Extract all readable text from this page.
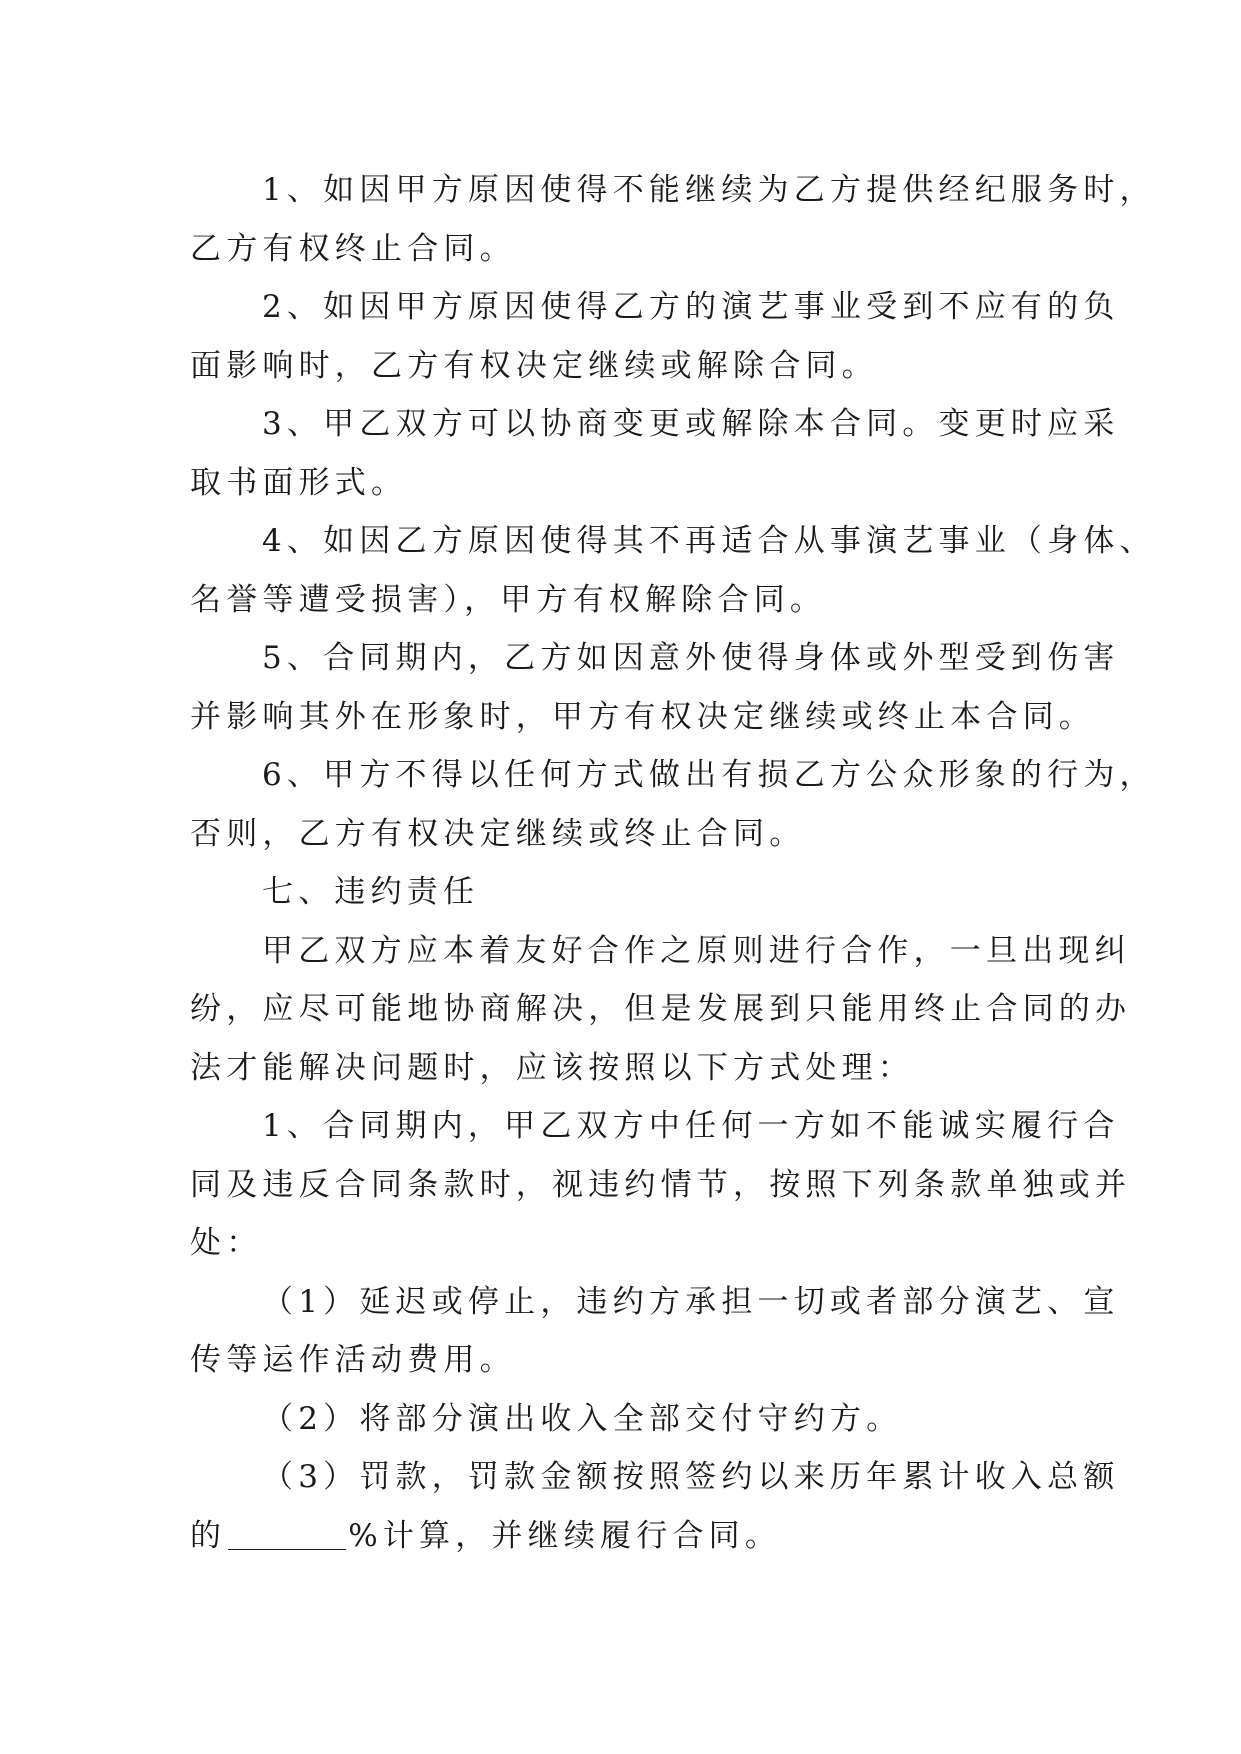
1、如因甲方原因使得不能继续为乙方提供经纪服务时，
乙方有权终止合同。
2、如因甲方原因使得乙方的演艺事业受到不应有的负
面影响时，乙方有权决定继续或解除合同。
3、甲乙双方可以协商变更或解除本合同。变更时应采
取书面形式。
4、如因乙方原因使得其不再适合从事演艺事业（身体、
名誉等遭受损害），甲方有权解除合同。
5、合同期内，乙方如因意外使得身体或外型受到伤害
并影响其外在形象时，甲方有权决定继续或终止本合同。
6、甲方不得以任何方式做出有损乙方公众形象的行为，
否则，乙方有权决定继续或终止合同。
七、违约责任
甲乙双方应本着友好合作之原则进行合作，一旦出现纠
纷，应尽可能地协商解决，但是发展到只能用终止合同的办
法才能解决问题时，应该按照以下方式处理：
1、合同期内，甲乙双方中任何一方如不能诚实履行合
同及违反合同条款时，视违约情节，按照下列条款单独或并
处：
（1）延迟或停止，违约方承担一切或者部分演艺、宣
传等运作活动费用。
（2）将部分演出收入全部交付守约方。
（3）罚款，罚款金额按照签约以来历年累计收入总额
的	%计算，并继续履行合同。
